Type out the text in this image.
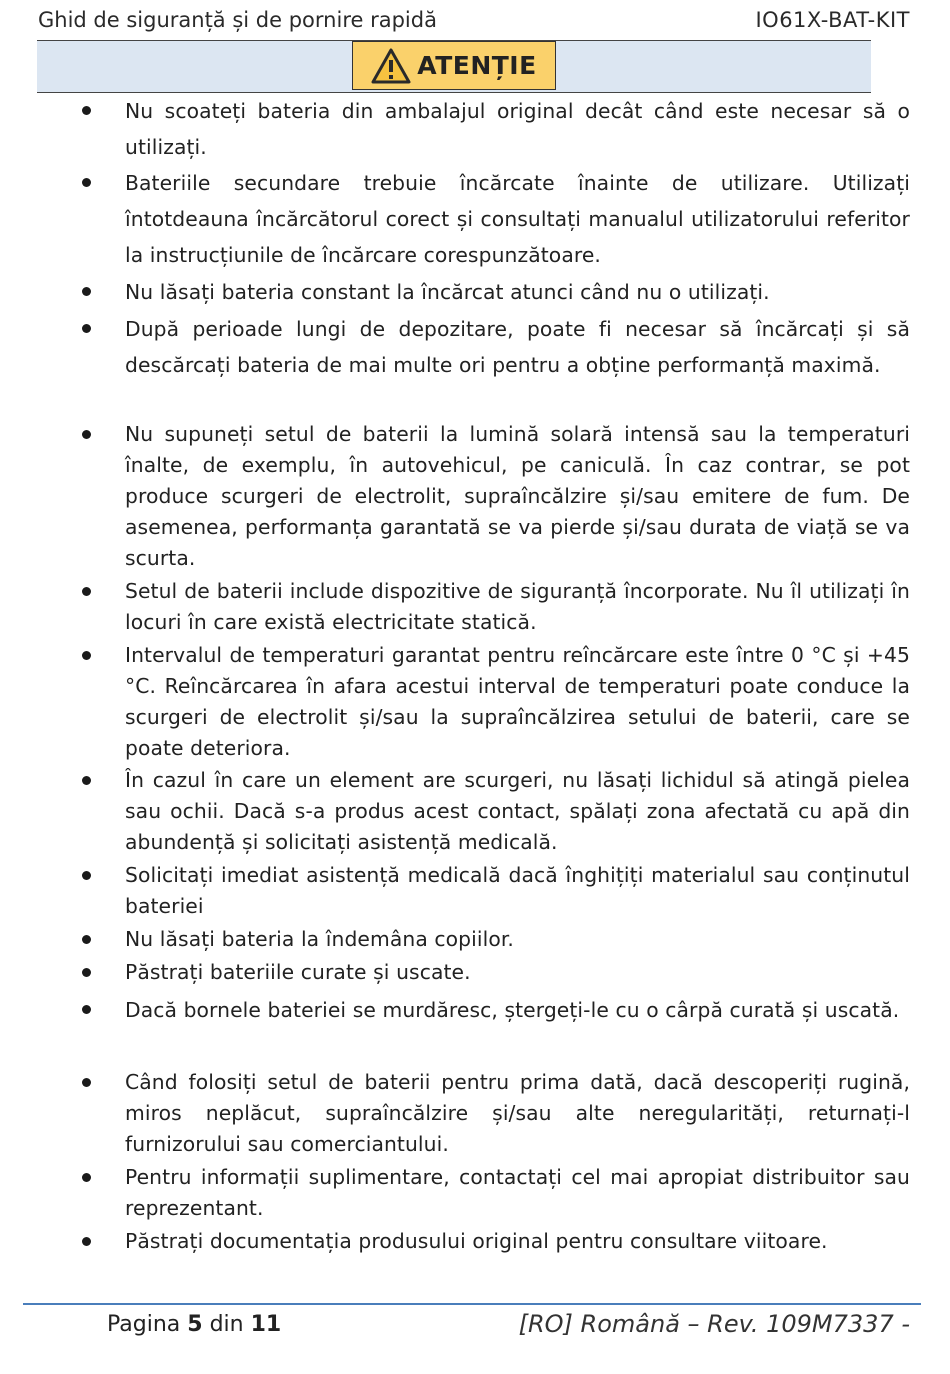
Ghid de siguranță și de pornire rapidă	IO61X-BAT-KIT
ATENȚIE
Nu scoateți bateria din ambalajul original decât când este necesar să o utilizați.
Bateriile secundare trebuie încărcate înainte de utilizare. Utilizați întotdeauna încărcătorul corect și consultați manualul utilizatorului referitor la instrucțiunile de încărcare corespunzătoare.
Nu lăsați bateria constant la încărcat atunci când nu o utilizați.
După perioade lungi de depozitare, poate fi necesar să încărcați și să descărcați bateria de mai multe ori pentru a obține performanță maximă.
Nu supuneți setul de baterii la lumină solară intensă sau la temperaturi înalte, de exemplu, în autovehicul, pe caniculă. În caz contrar, se pot produce scurgeri de electrolit, supraîncălzire și/sau emitere de fum. De asemenea, performanța garantată se va pierde și/sau durata de viață se va scurta.
Setul de baterii include dispozitive de siguranță încorporate. Nu îl utilizați în locuri în care există electricitate statică.
Intervalul de temperaturi garantat pentru reîncărcare este între 0 °C și +45 °C. Reîncărcarea în afara acestui interval de temperaturi poate conduce la scurgeri de electrolit și/sau la supraîncălzirea setului de baterii, care se poate deteriora.
În cazul în care un element are scurgeri, nu lăsați lichidul să atingă pielea sau ochii. Dacă s-a produs acest contact, spălați zona afectată cu apă din abundență și solicitați asistență medicală.
Solicitați imediat asistență medicală dacă înghițiți materialul sau conținutul bateriei
Nu lăsați bateria la îndemâna copiilor.
Păstrați bateriile curate și uscate.
Dacă bornele bateriei se murdăresc, ștergeți-le cu o cârpă curată și uscată.
Când folosiți setul de baterii pentru prima dată, dacă descoperiți rugină, miros neplăcut, supraîncălzire și/sau alte neregularități, returnați-l furnizorului sau comerciantului.
Pentru informații suplimentare, contactați cel mai apropiat distribuitor sau reprezentant.
Păstrați documentația produsului original pentru consultare viitoare.
Pagina 5 din 11	[RO] Română – Rev. 109M7337 -
